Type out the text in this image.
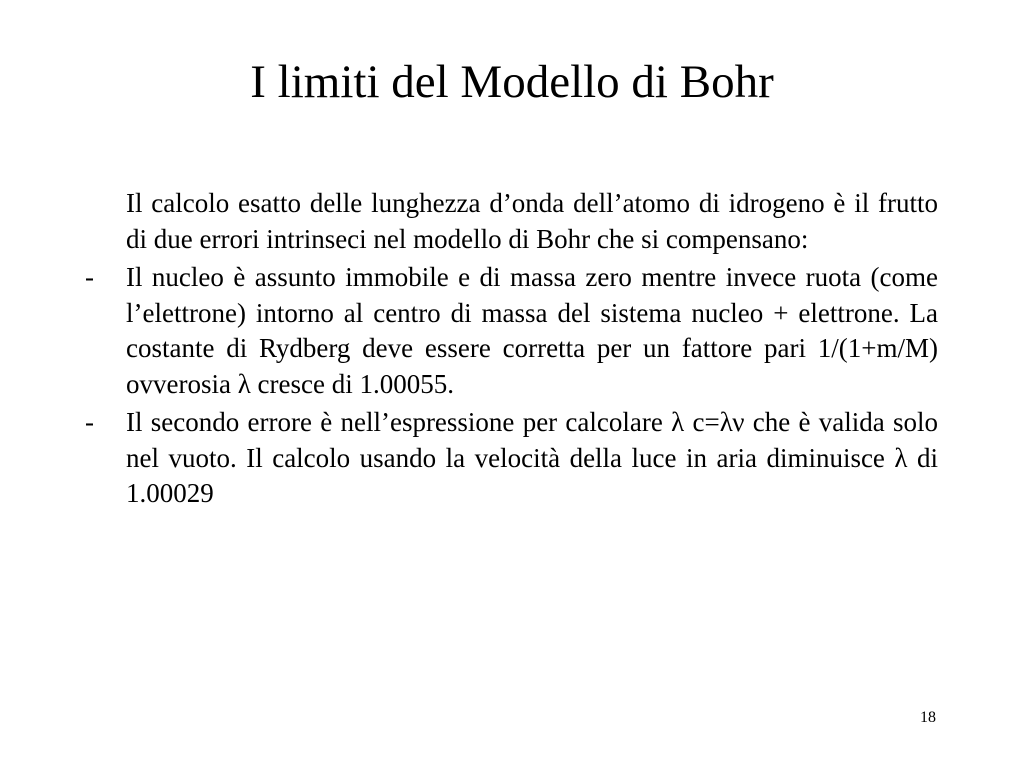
I limiti del Modello di Bohr

Il calcolo esatto delle lunghezza d’onda dell’atomo di idrogeno è il frutto di due errori intrinseci nel modello di Bohr che si compensano:

- Il nucleo è assunto immobile e di massa zero mentre invece ruota (come l’elettrone) intorno al centro di massa del sistema nucleo + elettrone. La costante di Rydberg deve essere corretta per un fattore pari 1/(1+m/M) ovverosia λ cresce di 1.00055.
- Il secondo errore è nell’espressione per calcolare λ c=λν che è valida solo nel vuoto. Il calcolo usando la velocità della luce in aria diminuisce λ di 1.00029
18
